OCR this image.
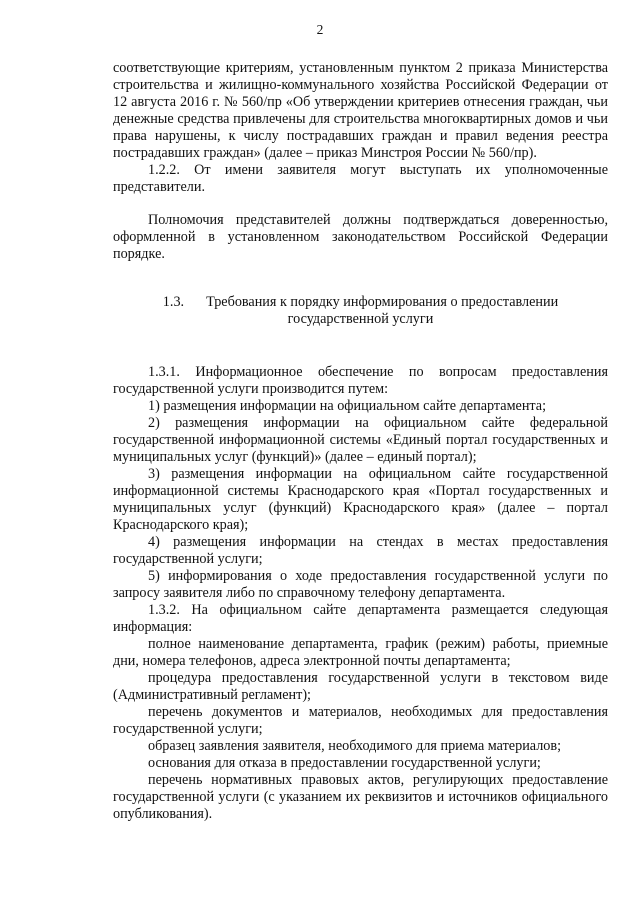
2

соответствующие критериям, установленным пунктом 2 приказа Министерства строительства и жилищно-коммунального хозяйства Российской Федерации от 12 августа 2016 г. № 560/пр «Об утверждении критериев отнесения граждан, чьи денежные средства привлечены для строительства многоквартирных домов и чьи права нарушены, к числу пострадавших граждан и правил ведения реестра пострадавших граждан» (далее – приказ Минстроя России № 560/пр).

1.2.2. От имени заявителя могут выступать их уполномоченные представители.

Полномочия представителей должны подтверждаться доверенностью, оформленной в установленном законодательством Российской Федерации порядке.

1.3. Требования к порядку информирования о предоставлении

государственной услуги

1.3.1. Информационное обеспечение по вопросам предоставления государственной услуги производится путем:

1) размещения информации на официальном сайте департамента;

2) размещения информации на официальном сайте федеральной государственной информационной системы «Единый портал государственных и муниципальных услуг (функций)» (далее – единый портал);

3) размещения информации на официальном сайте государственной информационной системы Краснодарского края «Портал государственных и муниципальных услуг (функций) Краснодарского края» (далее – портал Краснодарского края);

4) размещения информации на стендах в местах предоставления государственной услуги;

5) информирования о ходе предоставления государственной услуги по запросу заявителя либо по справочному телефону департамента.

1.3.2. На официальном сайте департамента размещается следующая информация:

полное наименование департамента, график (режим) работы, приемные дни, номера телефонов, адреса электронной почты департамента;

процедура предоставления государственной услуги в текстовом виде (Административный регламент);

перечень документов и материалов, необходимых для предоставления государственной услуги;

образец заявления заявителя, необходимого для приема материалов;

основания для отказа в предоставлении государственной услуги;

перечень нормативных правовых актов, регулирующих предоставление государственной услуги (с указанием их реквизитов и источников официального опубликования).
